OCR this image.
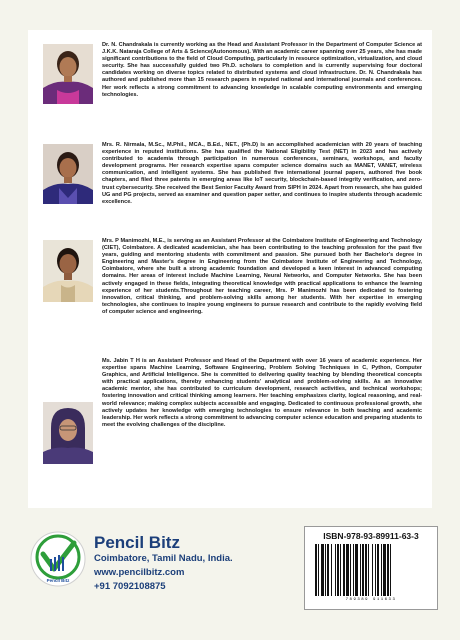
Dr. N. Chandrakala is currently working as the Head and Assistant Professor in the Department of Computer Science at J.K.K. Nataraja College of Arts & Science(Autonomous). With an academic career spanning over 25 years, she has made significant contributions to the field of Cloud Computing, particularly in resource optimization, virtualization, and cloud security. She has successfully guided two Ph.D. scholars to completion and is currently supervising four doctoral candidates working on diverse topics related to distributed systems and cloud infrastructure. Dr. N. Chandrakala has authored and published more than 15 research papers in reputed national and international journals and conferences. Her work reflects a strong commitment to advancing knowledge in scalable computing environments and emerging technologies.

Mrs. R. Nirmala, M.Sc., M.Phil., MCA., B.Ed., NET., (Ph.D) is an accomplished academician with 20 years of teaching experience in reputed institutions. She has qualified the National Eligibility Test (NET) in 2023 and has actively contributed to academia through participation in numerous conferences, seminars, workshops, and faculty development programs. Her research expertise spans computer science domains such as MANET, VANET, wireless communication, and intelligent systems. She has published five international journal papers, authored five book chapters, and filed three patents in emerging areas like IoT security, blockchain-based integrity verification, and zero-trust cybersecurity. She received the Best Senior Faculty Award from SIPH in 2024. Apart from research, she has guided UG and PG projects, served as examiner and question paper setter, and continues to inspire students through academic excellence.

Mrs. P Manimozhi, M.E., is serving as an Assistant Professor at the Coimbatore Institute of Engineering and Technology (CIET), Coimbatore. A dedicated academician, she has been contributing to the teaching profession for the past five years, guiding and mentoring students with commitment and passion. She pursued both her Bachelor's degree in Engineering and Master's degree in Engineering from the Coimbatore Institute of Engineering and Technology, Coimbatore, where she built a strong academic foundation and developed a keen interest in advanced computing domains. Her areas of interest include Machine Learning, Neural Networks, and Computer Networks. She has been actively engaged in these fields, integrating theoretical knowledge with practical applications to enhance the learning experience of her students.Throughout her teaching career, Mrs. P Manimozhi has been dedicated to fostering innovation, critical thinking, and problem-solving skills among her students. With her expertise in emerging technologies, she continues to inspire young engineers to pursue research and contribute to the rapidly evolving field of computer science and engineering.

Ms. Jabin T H is an Assistant Professor and Head of the Department with over 16 years of academic experience. Her expertise spans Machine Learning, Software Engineering, Problem Solving Techniques in C, Python, Computer Graphics, and Artificial Intelligence. She is committed to delivering quality teaching by blending theoretical concepts with practical applications, thereby enhancing students' analytical and problem-solving skills. As an innovative academic mentor, she has contributed to curriculum development, research activities, and technical workshops; fostering innovation and critical thinking among learners. Her teaching emphasizes clarity, logical reasoning, and real-world relevance; making complex subjects accessible and engaging. Dedicated to continuous professional growth, she actively updates her knowledge with emerging technologies to ensure relevance in both teaching and academic leadership. Her work reflects a strong commitment to advancing computer science education and preparing students to meet the evolving challenges of the discipline.

Pencil Bitz

Pencil Bitz

Coimbatore, Tamil Nadu, India.

www.pencilbitz.com

+91 7092108875

ISBN-978-93-89911-63-3

789389 911633
